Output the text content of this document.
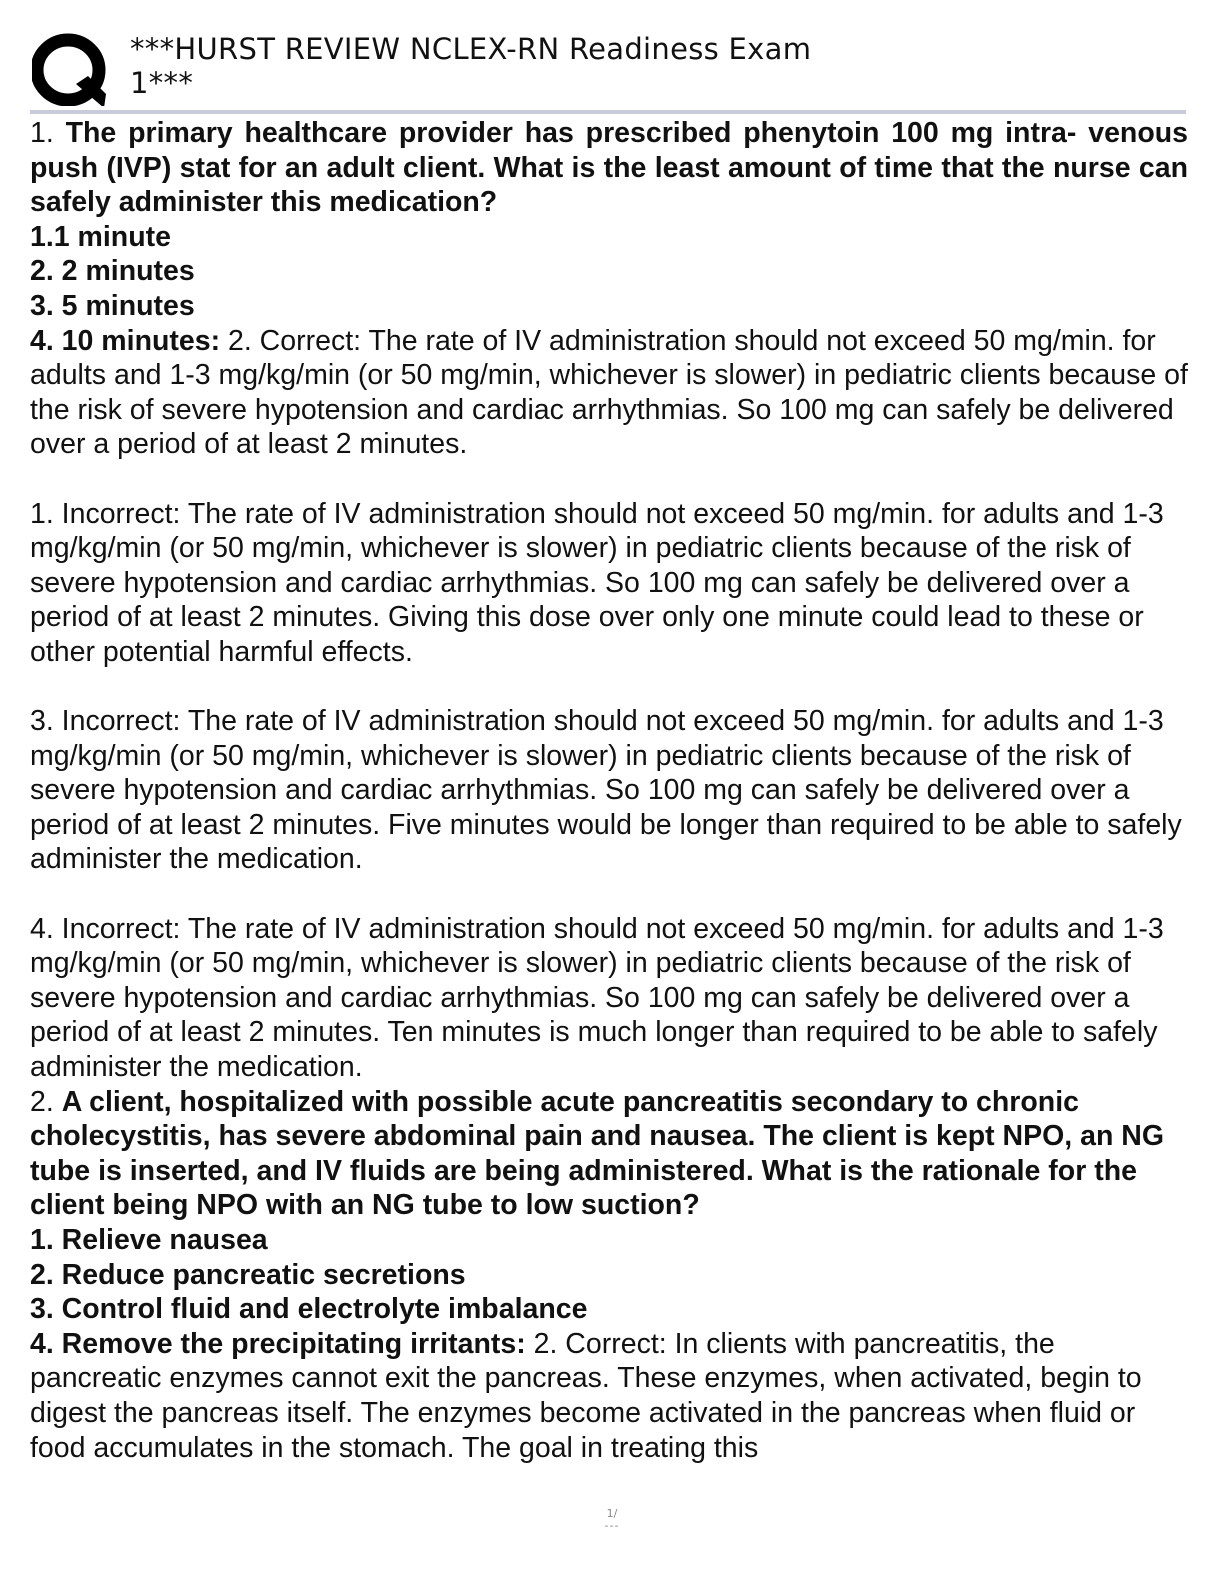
***HURST REVIEW NCLEX-RN Readiness Exam
1***

1. The primary healthcare provider has prescribed phenytoin 100 mg intra- venous push (IVP) stat for an adult client. What is the least amount of time that the nurse can safely administer this medication?

1.1 minute

2. 2 minutes

3. 5 minutes

4. 10 minutes: 2. Correct: The rate of IV administration should not exceed 50 mg/min. for adults and 1-3 mg/kg/min (or 50 mg/min, whichever is slower) in pediatric clients because of the risk of severe hypotension and cardiac arrhythmias. So 100 mg can safely be delivered over a period of at least 2 minutes.

1. Incorrect: The rate of IV administration should not exceed 50 mg/min. for adults and 1-3 mg/kg/min (or 50 mg/min, whichever is slower) in pediatric clients because of the risk of severe hypotension and cardiac arrhythmias. So 100 mg can safely be delivered over a period of at least 2 minutes. Giving this dose over only one minute could lead to these or other potential harmful effects.

3. Incorrect: The rate of IV administration should not exceed 50 mg/min. for adults and 1-3 mg/kg/min (or 50 mg/min, whichever is slower) in pediatric clients because of the risk of severe hypotension and cardiac arrhythmias. So 100 mg can safely be delivered over a period of at least 2 minutes. Five minutes would be longer than required to be able to safely administer the medication.

4. Incorrect: The rate of IV administration should not exceed 50 mg/min. for adults and 1-3 mg/kg/min (or 50 mg/min, whichever is slower) in pediatric clients because of the risk of severe hypotension and cardiac arrhythmias. So 100 mg can safely be delivered over a period of at least 2 minutes. Ten minutes is much longer than required to be able to safely administer the medication.

2. A client, hospitalized with possible acute pancreatitis secondary to chronic cholecystitis, has severe abdominal pain and nausea. The client is kept NPO, an NG tube is inserted, and IV fluids are being administered. What is the rationale for the client being NPO with an NG tube to low suction?

1. Relieve nausea

2. Reduce pancreatic secretions

3. Control fluid and electrolyte imbalance

4. Remove the precipitating irritants: 2. Correct: In clients with pancreatitis, the pancreatic enzymes cannot exit the pancreas. These enzymes, when activated, begin to digest the pancreas itself. The enzymes become activated in the pancreas when fluid or food accumulates in the stomach. The goal in treating this

1/
---
